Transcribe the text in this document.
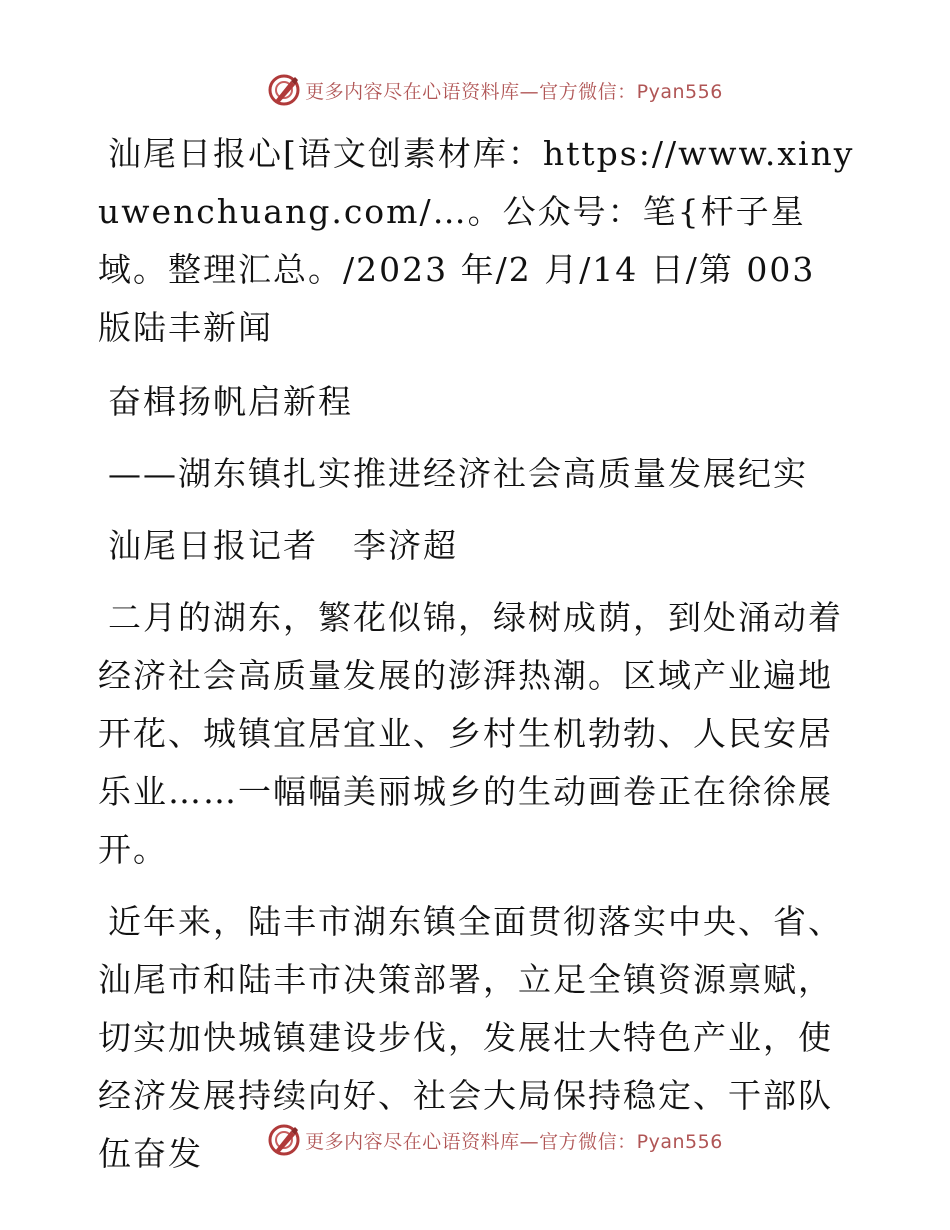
更多内容尽在心语资料库—官方微信：Pyan556

汕尾日报心[语文创素材库：https://www.xinyuwenchuang.com/…。公众号：笔{杆子星域。整理汇总。/2023 年/2 月/14 日/第 003 版陆丰新闻

奋楫扬帆启新程

——湖东镇扎实推进经济社会高质量发展纪实

汕尾日报记者　李济超

二月的湖东，繁花似锦，绿树成荫，到处涌动着经济社会高质量发展的澎湃热潮。区域产业遍地开花、城镇宜居宜业、乡村生机勃勃、人民安居乐业……一幅幅美丽城乡的生动画卷正在徐徐展开。

近年来，陆丰市湖东镇全面贯彻落实中央、省、汕尾市和陆丰市决策部署，立足全镇资源禀赋，切实加快城镇建设步伐，发展壮大特色产业，使经济发展持续向好、社会大局保持稳定、干部队伍奋发	更多内容尽在心语资料库—官方微信：Pyan556
